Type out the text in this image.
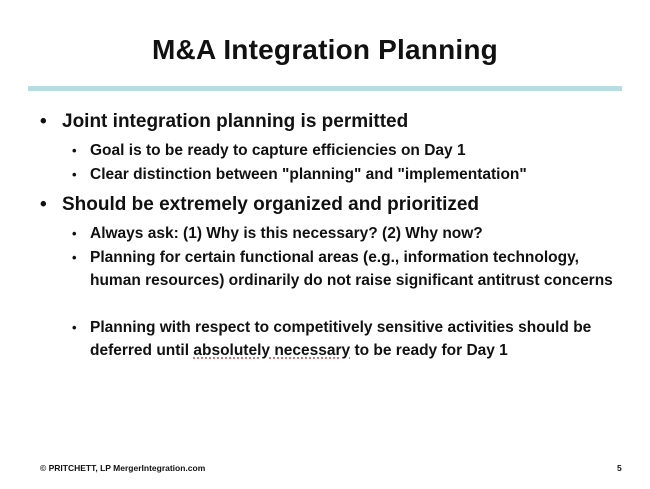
M&A Integration Planning
• Joint integration planning is permitted
• Goal is to be ready to capture efficiencies on Day 1
• Clear distinction between "planning" and "implementation"
• Should be extremely organized and prioritized
• Always ask: (1) Why is this necessary? (2) Why now?
• Planning for certain functional areas (e.g., information technology, human resources) ordinarily do not raise significant antitrust concerns
• Planning with respect to competitively sensitive activities should be deferred until absolutely necessary to be ready for Day 1
© PRITCHETT, LP MergerIntegration.com	5
